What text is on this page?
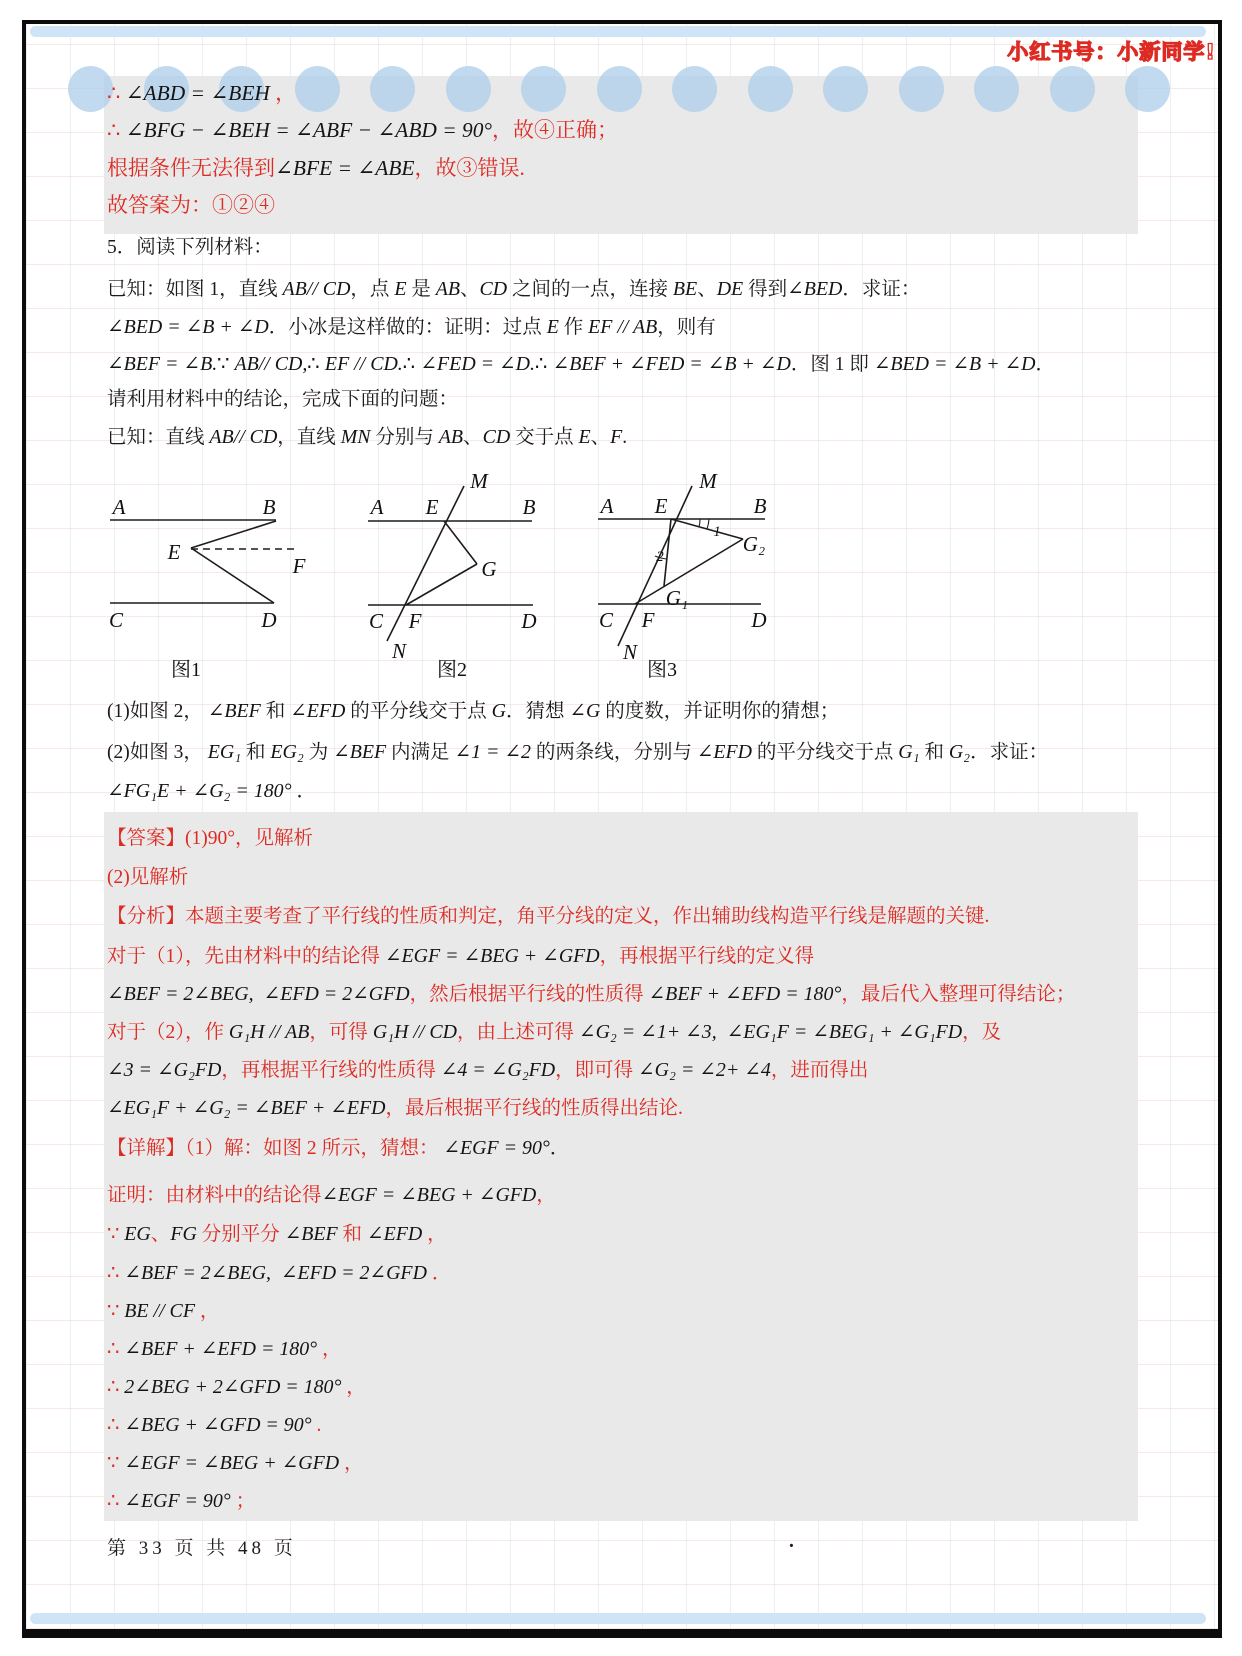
小红书号：小新同学!
A	B
E
F
C	D
图1
M
A E	B
G
C F	D
N
图2
M
A E	B
G₂
G₁
C F	D
N
1
2
图3
第 33 页 共 48 页	.
∴ ∠ABD = ∠BEH ，
∴ ∠BFG − ∠BEH = ∠ABF − ∠ABD = 90°，故④正确；
根据条件无法得到∠BFE = ∠ABE，故③错误.
故答案为：①②④
5．阅读下列材料：
已知：如图 1，直线 AB// CD，点 E 是 AB、CD 之间的一点，连接 BE、DE 得到∠BED．求证：
∠BED = ∠B + ∠D．小冰是这样做的：证明：过点 E 作 EF // AB，则有
∠BEF = ∠B.∵ AB// CD,∴ EF // CD.∴ ∠FED = ∠D.∴ ∠BEF + ∠FED = ∠B + ∠D．图 1 即 ∠BED = ∠B + ∠D．
请利用材料中的结论，完成下面的问题：
已知：直线 AB// CD，直线 MN 分别与 AB、CD 交于点 E、F.
(1)如图 2， ∠BEF 和 ∠EFD 的平分线交于点 G．猜想 ∠G 的度数，并证明你的猜想；
(2)如图 3， EG₁ 和 EG₂ 为 ∠BEF 内满足 ∠1 = ∠2 的两条线，分别与 ∠EFD 的平分线交于点 G₁ 和 G₂．求证：
∠FG₁E + ∠G₂ = 180° ．
【答案】(1)90°，见解析
(2)见解析
【分析】本题主要考查了平行线的性质和判定，角平分线的定义，作出辅助线构造平行线是解题的关键.
对于（1），先由材料中的结论得 ∠EGF = ∠BEG + ∠GFD，再根据平行线的定义得
∠BEF = 2∠BEG,  ∠EFD = 2∠GFD，然后根据平行线的性质得 ∠BEF + ∠EFD = 180°，最后代入整理可得结论；
对于（2），作 G₁H // AB，可得 G₁H // CD，由上述可得 ∠G₂ = ∠1+ ∠3,  ∠EG₁F = ∠BEG₁ + ∠G₁FD，及
∠3 = ∠G₂FD，再根据平行线的性质得 ∠4 = ∠G₂FD，即可得 ∠G₂ = ∠2+ ∠4，进而得出
∠EG₁F + ∠G₂ = ∠BEF + ∠EFD，最后根据平行线的性质得出结论.
【详解】（1）解：如图 2 所示，猜想： ∠EGF = 90°．
证明：由材料中的结论得∠EGF = ∠BEG + ∠GFD，
∵ EG、FG 分别平分 ∠BEF 和 ∠EFD ，
∴ ∠BEF = 2∠BEG,  ∠EFD = 2∠GFD ．
∵ BE // CF ，
∴ ∠BEF + ∠EFD = 180° ，
∴ 2∠BEG + 2∠GFD = 180° ，
∴ ∠BEG + ∠GFD = 90° .
∵ ∠EGF = ∠BEG + ∠GFD ，
∴ ∠EGF = 90° ；
